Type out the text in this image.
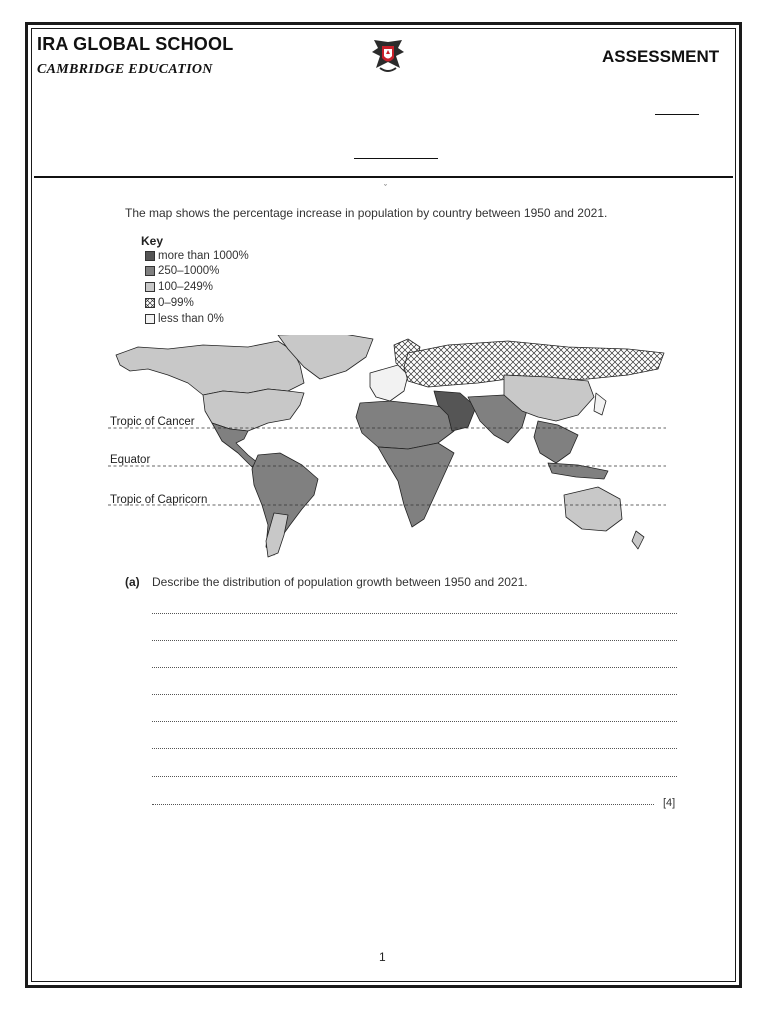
IRA GLOBAL SCHOOL
CAMBRIDGE EDUCATION
ASSESSMENT
ˇ
The map shows the percentage increase in population by country between 1950 and 2021.
Key
more than 1000%
250–1000%
100–249%
0–99%
less than 0%
Tropic of Cancer
Equator
Tropic of Capricorn
(a) Describe the distribution of population growth between 1950 and 2021.
[4]
1
